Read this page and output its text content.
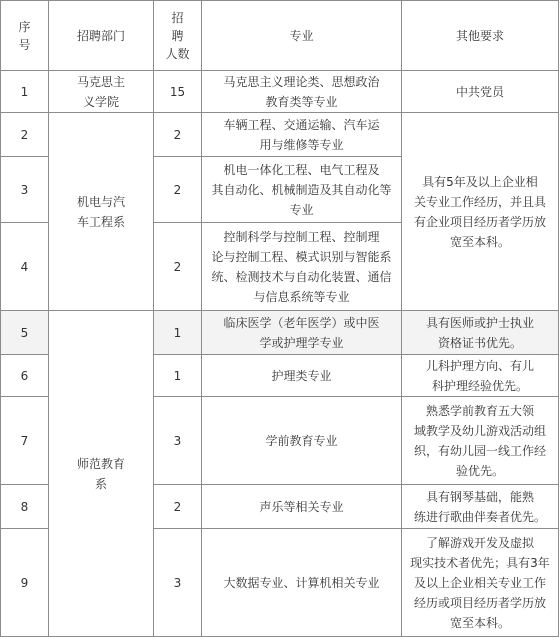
序
号	招聘部门	招
聘
人数	专业	其他要求
1	马克思主
义学院	15	马克思主义理论类、思想政治
教育类等专业	中共党员
2	机电与汽
车工程系	2	车辆工程、交通运输、汽车运
用与维修等专业	具有5年及以上企业相
关专业工作经历，并且具
有企业项目经历者学历放
宽至本科。

3		2	机电一体化工程、电气工程及
其自动化、机械制造及其自动化等
专业	

4		2	控制科学与控制工程、控制理
论与控制工程、模式识别与智能系
统、检测技术与自动化装置、通信
与信息系统等专业	

5	师范教育
系	1	临床医学（老年医学）或中医
学或护理学专业	具有医师或护士执业
资格证书优先。

6		1	护理类专业	儿科护理方向、有儿
科护理经验优先。

7		3	学前教育专业	熟悉学前教育五大领
域教学及幼儿游戏活动组
织，有幼儿园一线工作经
验优先。

8		2	声乐等相关专业	具有钢琴基础，能熟
练进行歌曲伴奏者优先。

9		3	大数据专业、计算机相关专业	了解游戏开发及虚拟
现实技术者优先；具有3年
及以上企业相关专业工作
经历或项目经历者学历放
宽至本科。
